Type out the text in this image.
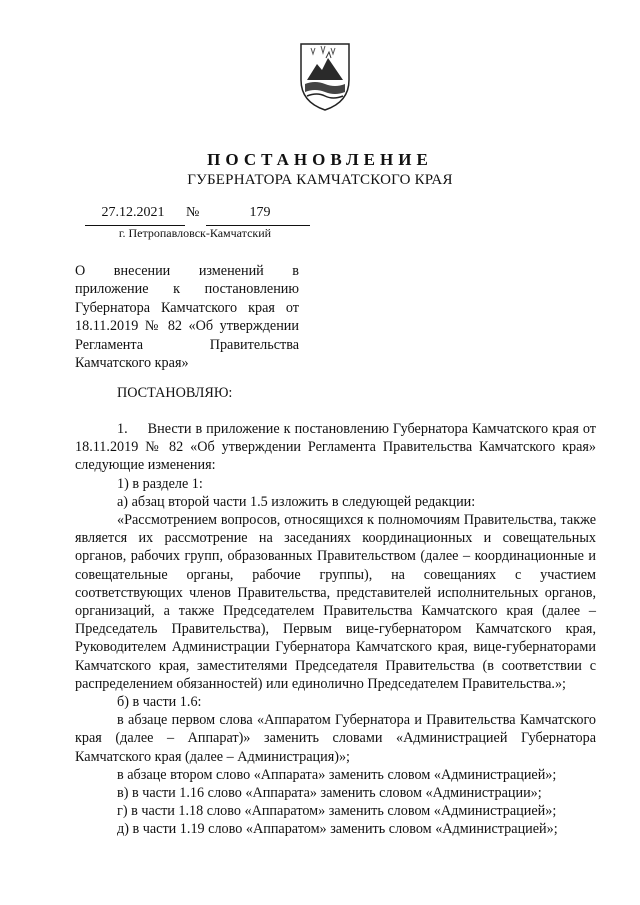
ПОСТАНОВЛЕНИЕ
ГУБЕРНАТОРА КАМЧАТСКОГО КРАЯ
27.12.2021	№	179
г. Петропавловск-Камчатский
О внесении изменений в приложение к постановлению Губернатора Камчатского края от 18.11.2019 № 82 «Об утверждении Регламента Правительства Камчатского края»
ПОСТАНОВЛЯЮ:

1.     Внести в приложение к постановлению Губернатора Камчатского края от 18.11.2019 № 82 «Об утверждении Регламента Правительства Камчатского края» следующие изменения:

1) в разделе 1:

а) абзац второй части 1.5 изложить в следующей редакции:

«Рассмотрением вопросов, относящихся к полномочиям Правительства, также является их рассмотрение на заседаниях координационных и совещательных органов, рабочих групп, образованных Правительством (далее – координационные и совещательные органы, рабочие группы), на совещаниях с участием соответствующих членов Правительства, представителей исполнительных органов, организаций, а также Председателем Правительства Камчатского края (далее – Председатель Правительства), Первым вице-губернатором Камчатского края, Руководителем Администрации Губернатора Камчатского края, вице-губернаторами Камчатского края, заместителями Председателя Правительства (в соответствии с распределением обязанностей) или единолично Председателем Правительства.»;

б) в части 1.6:

в абзаце первом слова «Аппаратом Губернатора и Правительства Камчатского края (далее – Аппарат)» заменить словами «Администрацией Губернатора Камчатского края (далее – Администрация)»;

в абзаце втором слово «Аппарата» заменить словом «Администрацией»;

в) в части 1.16 слово «Аппарата» заменить словом «Администрации»;

г) в части 1.18 слово «Аппаратом» заменить словом «Администрацией»;

д) в части 1.19 слово «Аппаратом» заменить словом «Администрацией»;
